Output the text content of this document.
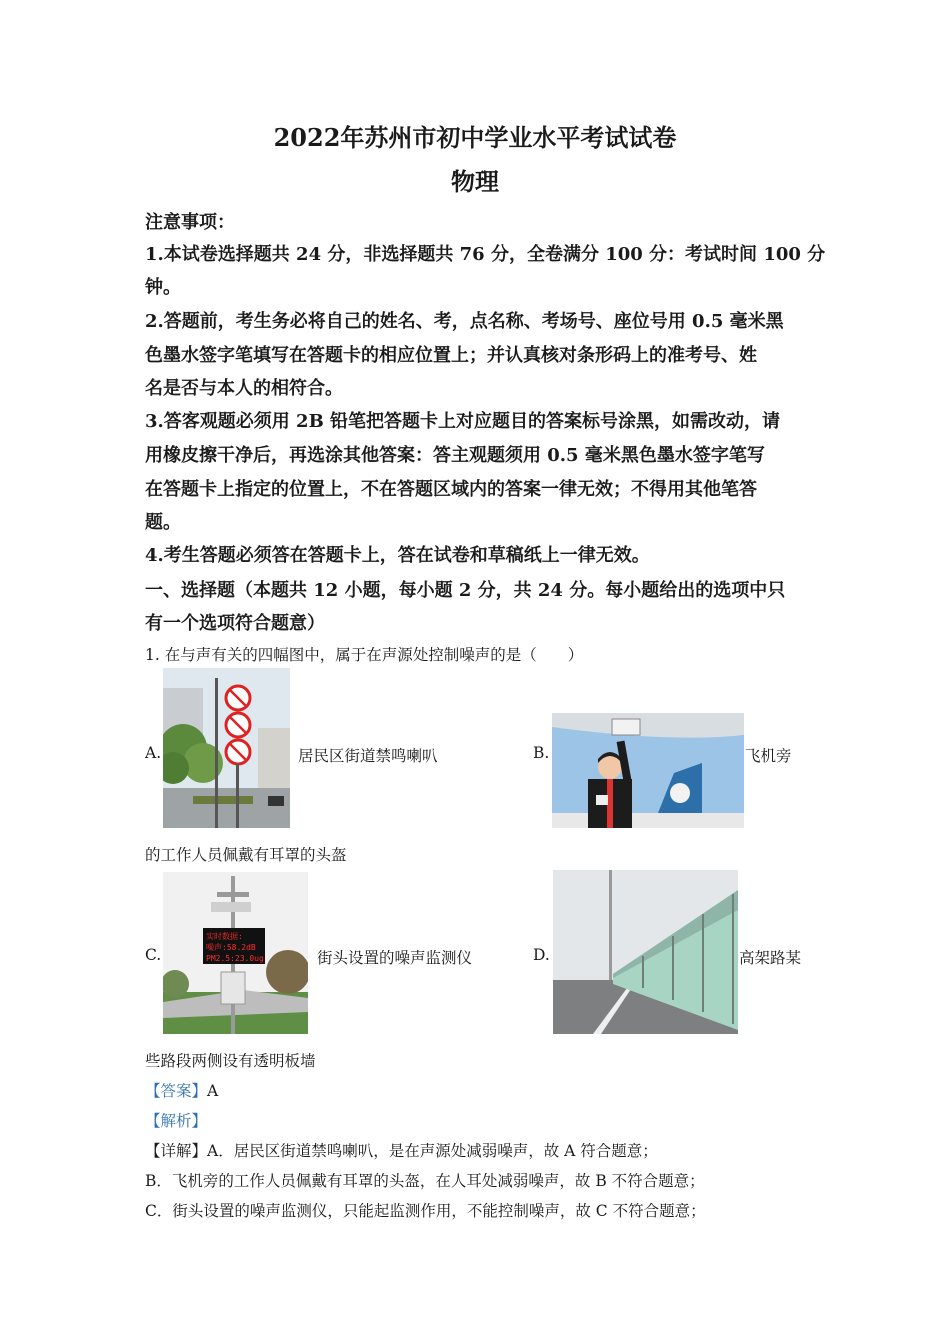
2022年苏州市初中学业水平考试试卷
物理
注意事项：
1.本试卷选择题共 24 分，非选择题共 76 分，全卷满分 100 分：考试时间 100 分
钟。
2.答题前，考生务必将自己的姓名、考，点名称、考场号、座位号用 0.5 毫米黑
色墨水签字笔填写在答题卡的相应位置上；并认真核对条形码上的准考号、姓
名是否与本人的相符合。
3.答客观题必须用 2B 铅笔把答题卡上对应题目的答案标号涂黑，如需改动，请
用橡皮擦干净后，再选涂其他答案：答主观题须用 0.5 毫米黑色墨水签字笔写
在答题卡上指定的位置上，不在答题区域内的答案一律无效；不得用其他笔答
题。
4.考生答题必须答在答题卡上，答在试卷和草稿纸上一律无效。
一、选择题（本题共 12 小题，每小题 2 分，共 24 分。每小题给出的选项中只
有一个选项符合题意）
1. 在与声有关的四幅图中，属于在声源处控制噪声的是（　　）
A.	居民区街道禁鸣喇叭	B.	飞机旁
的工作人员佩戴有耳罩的头盔
C.
实时数据:
噪声:58.2dB
PM2.5:23.0ug	街头设置的噪声监测仪	D.	高架路某
些路段两侧设有透明板墙
【答案】A
【解析】
【详解】A．居民区街道禁鸣喇叭，是在声源处减弱噪声，故 A 符合题意；
B．飞机旁的工作人员佩戴有耳罩的头盔，在人耳处减弱噪声，故 B 不符合题意；
C．街头设置的噪声监测仪，只能起监测作用，不能控制噪声，故 C 不符合题意；
